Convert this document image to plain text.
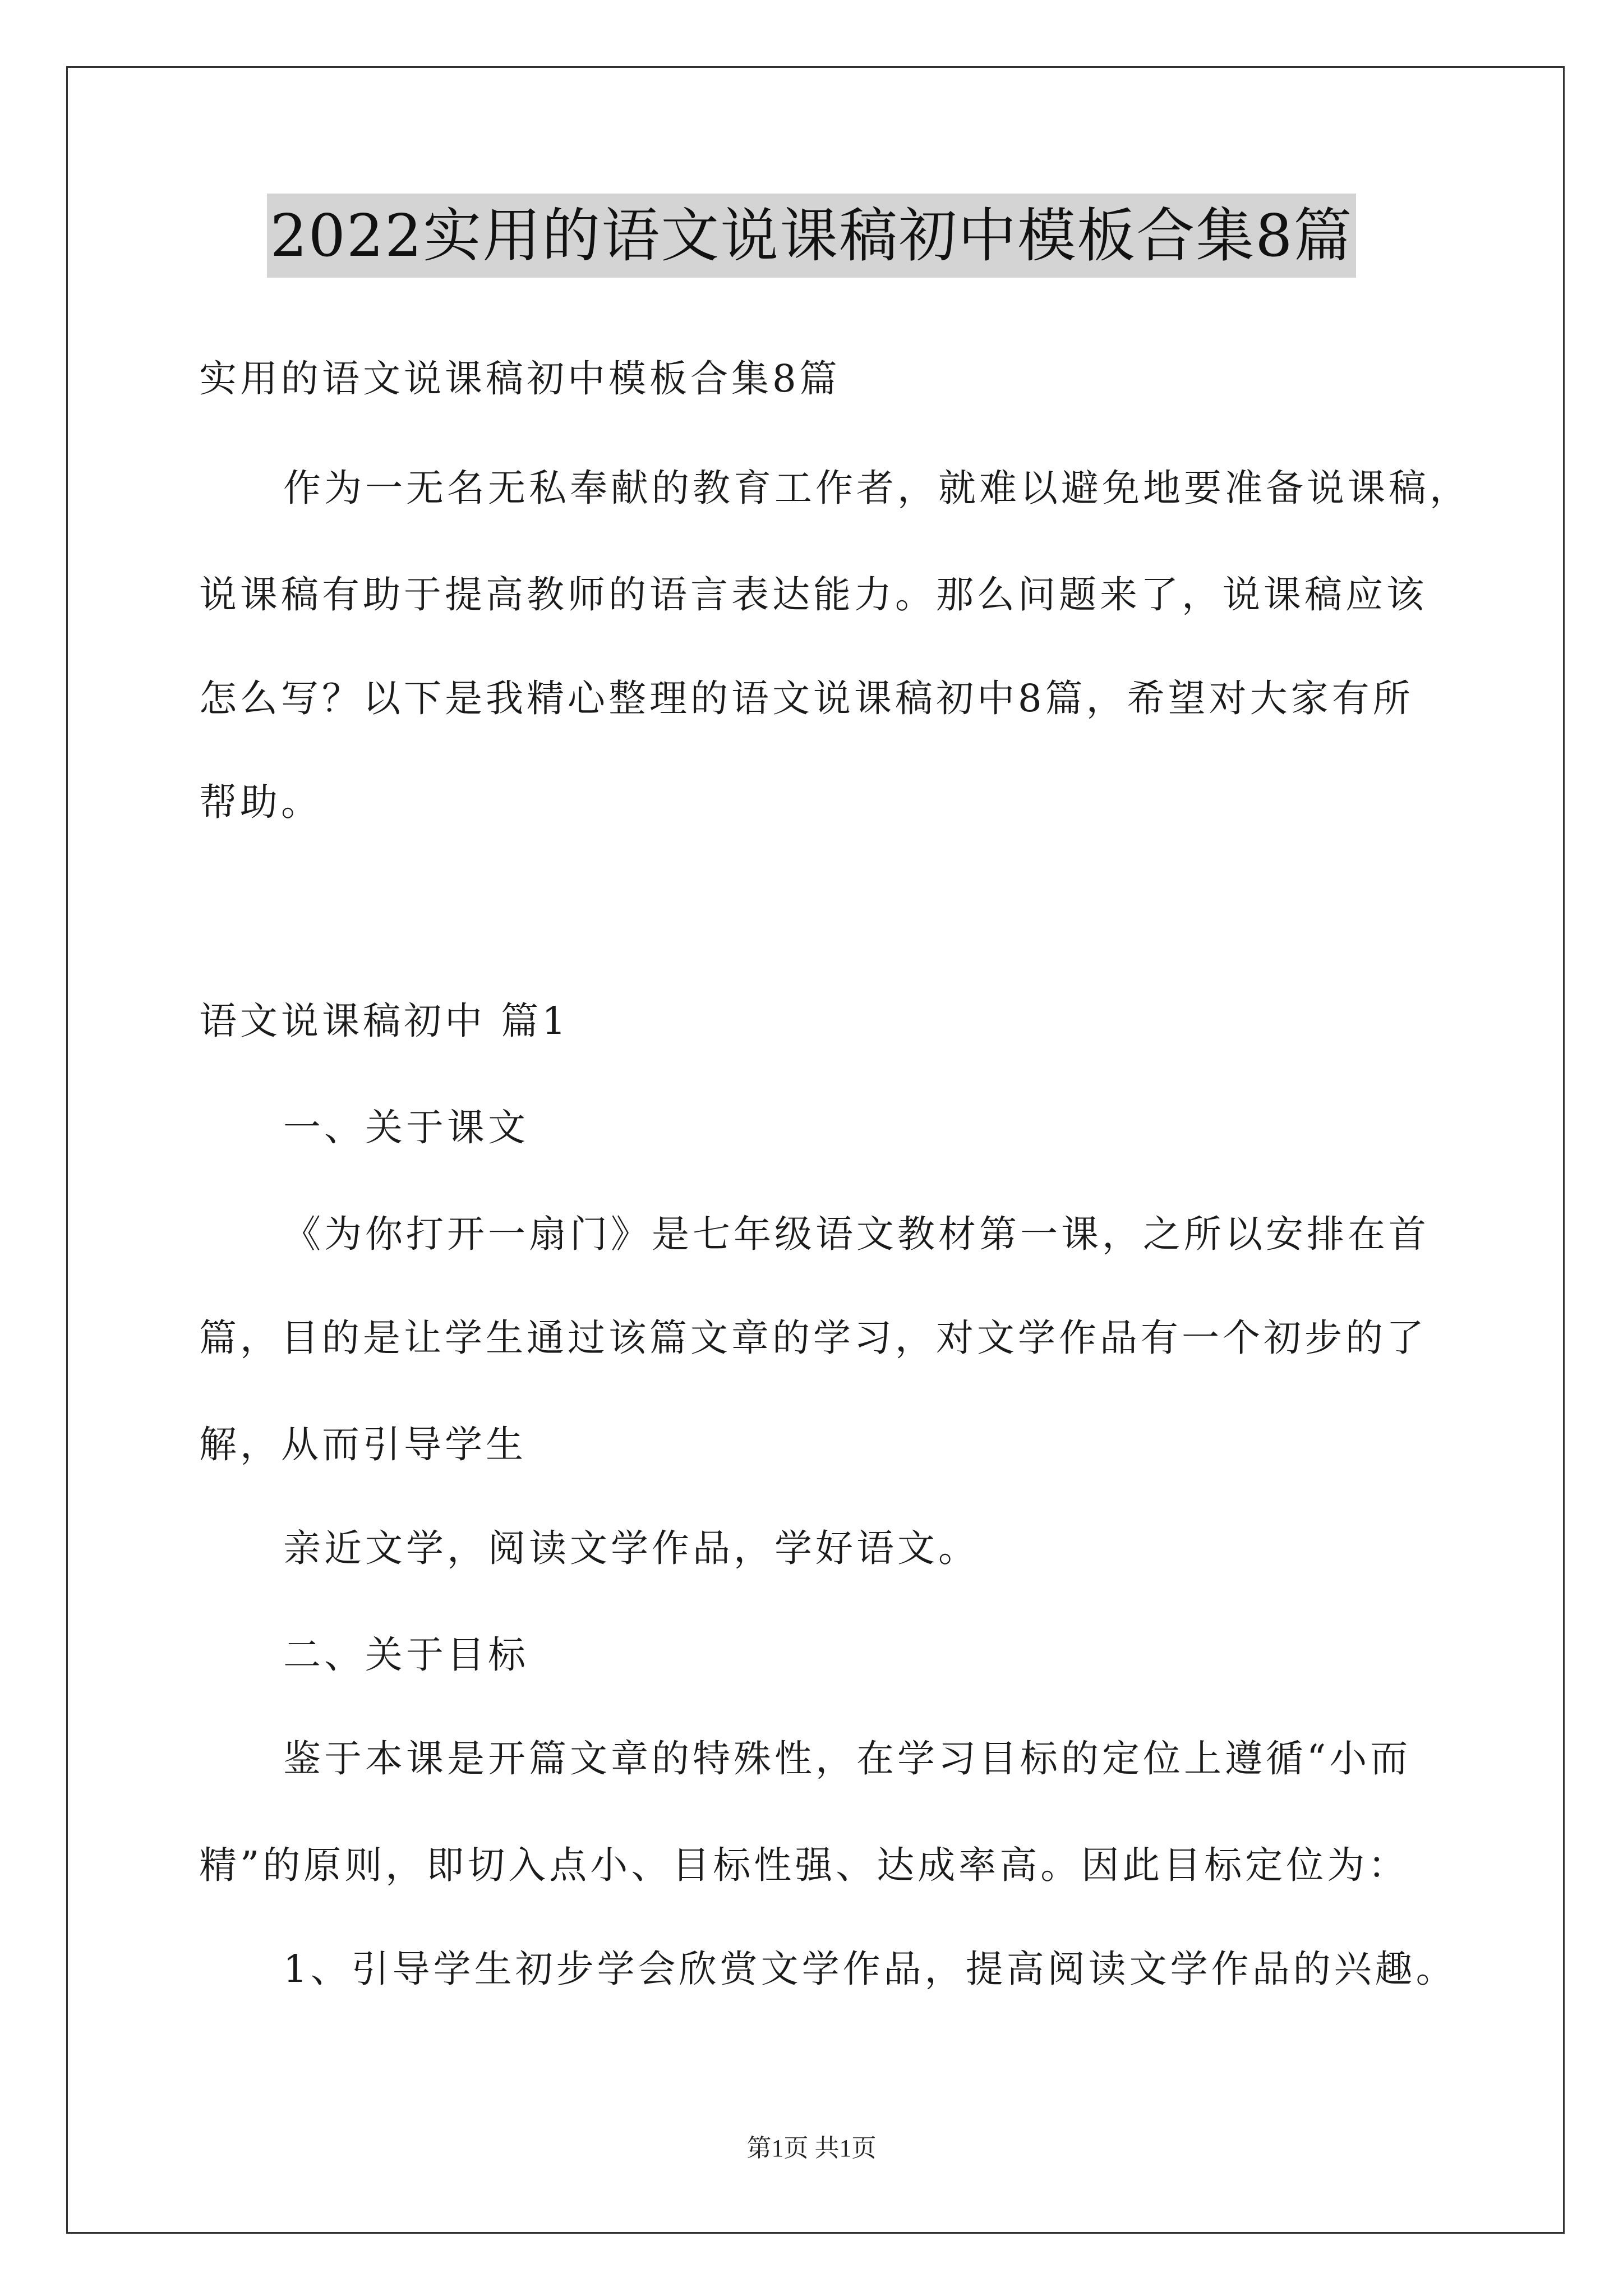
2022实用的语文说课稿初中模板合集8篇
实用的语文说课稿初中模板合集8篇
作为一无名无私奉献的教育工作者，就难以避免地要准备说课稿，
说课稿有助于提高教师的语言表达能力。那么问题来了，说课稿应该
怎么写？以下是我精心整理的语文说课稿初中8篇，希望对大家有所
帮助。
语文说课稿初中 篇1
一、关于课文
《为你打开一扇门》是七年级语文教材第一课，之所以安排在首
篇，目的是让学生通过该篇文章的学习，对文学作品有一个初步的了
解，从而引导学生
亲近文学，阅读文学作品，学好语文。
二、关于目标
鉴于本课是开篇文章的特殊性，在学习目标的定位上遵循“小而
精”的原则，即切入点小、目标性强、达成率高。因此目标定位为：
1、引导学生初步学会欣赏文学作品，提高阅读文学作品的兴趣。
第1页 共1页
